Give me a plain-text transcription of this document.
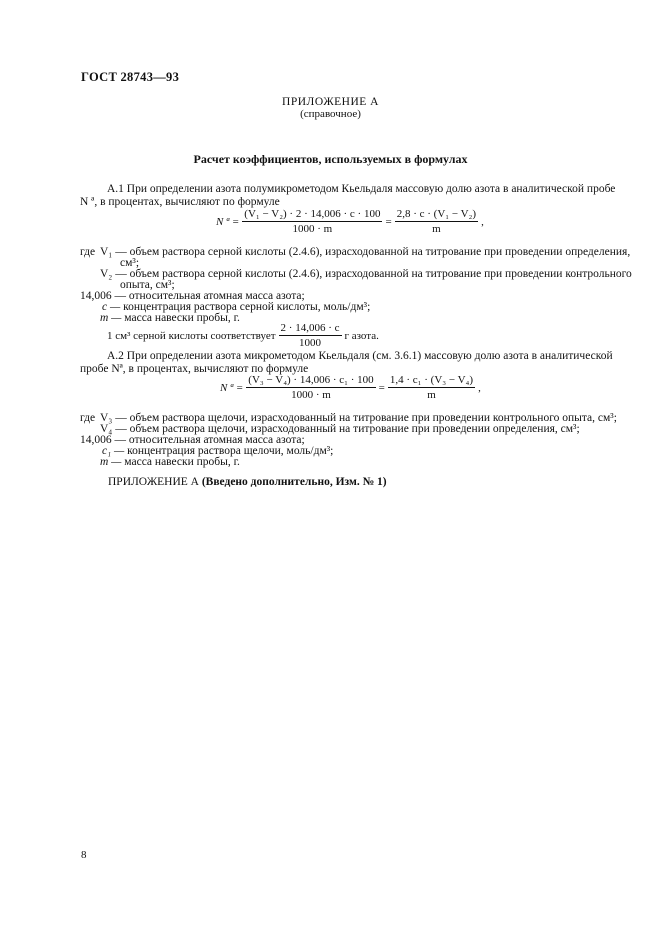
ГОСТ 28743—93
ПРИЛОЖЕНИЕ А
(справочное)
Расчет коэффициентов, используемых в формулах
А.1 При определении азота полумикрометодом Кьельдаля массовую долю азота в аналитической пробе
N ª, в процентах, вычисляют по формуле
N ª = $\frac{\text{(V₁ − V₂) · 2 · 14,006 · c · 100}}{1000 \cdot m} = \frac{\text{2,8 · c · (V₁ − V₂)}}{m}$ ,
где V₁ — объем раствора серной кислоты (2.4.6), израсходованной на титрование при проведении определения,
см³;
V₂ — объем раствора серной кислоты (2.4.6), израсходованной на титрование при проведении контрольного
опыта, см³;
14,006 — относительная атомная масса азота;
c — концентрация раствора серной кислоты, моль/дм³;
m — масса навески пробы, г.
1 см³ серной кислоты соответствует $\frac{2 \cdot 14,006 \cdot c}{1000}$ г азота.
А.2 При определении азота микрометодом Кьельдаля (см. 3.6.1) массовую долю азота в аналитической
пробе Nª, в процентах, вычисляют по формуле
N ª = $\frac{\text{(V₃ − V₄) · 14,006 · c₁ · 100}}{1000 \cdot m} = \frac{\text{1,4 · c₁ · (V₃ − V₄)}}{m}$ ,
где V₃ — объем раствора щелочи, израсходованный на титрование при проведении контрольного опыта, см³;
V₄ — объем раствора щелочи, израсходованный на титрование при проведении определения, см³;
14,006 — относительная атомная масса азота;
c₁ — концентрация раствора щелочи, моль/дм³;
m — масса навески пробы, г.
ПРИЛОЖЕНИЕ А (Введено дополнительно, Изм. № 1)
8
